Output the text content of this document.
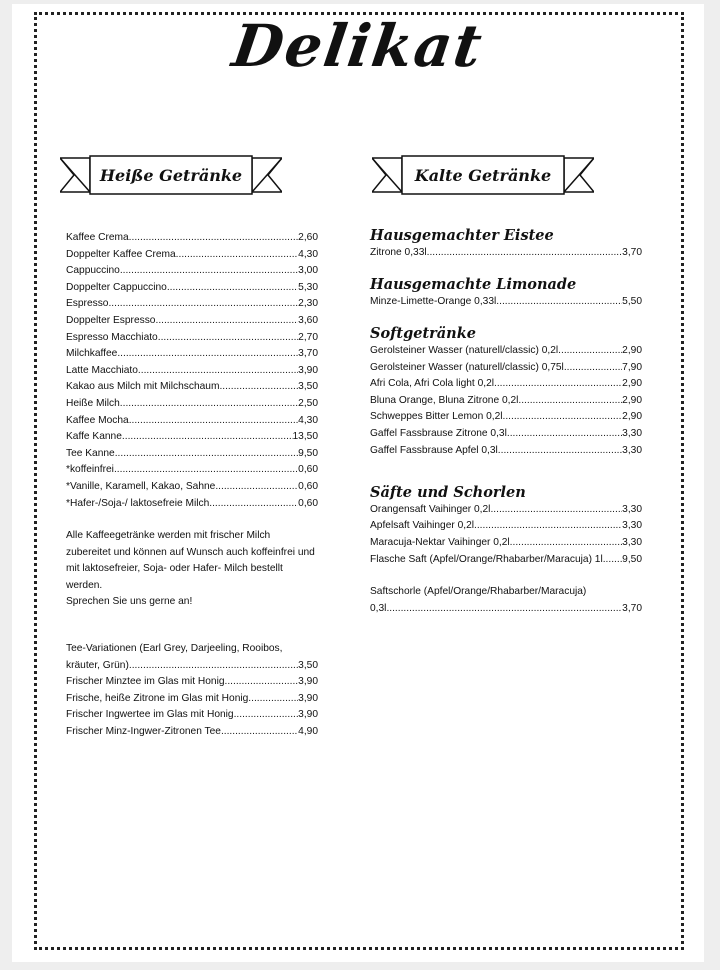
Delikat
Heiße Getränke	Kalte Getränke
Kaffee Crema .....	2,60
Doppelter Kaffee Crema .....	4,30
Cappuccino .....	3,00
Doppelter Cappuccino .....	5,30
Espresso .....	2,30
Doppelter Espresso .....	3,60
Espresso Macchiato .....	2,70
Milchkaffee .....	3,70
Latte Macchiato .....	3,90
Kakao aus Milch mit Milchschaum .....	3,50
Heiße Milch .....	2,50
Kaffee Mocha .....	4,30
Kaffe Kanne .....	13,50
Tee Kanne .....	9,50
*koffeinfrei .....	0,60
*Vanille, Karamell, Kakao, Sahne .....	0,60
*Hafer-/Soja-/ laktosefreie Milch .....	0,60
Alle Kaffeegetränke werden mit frischer Milch
zubereitet und können auf Wunsch auch koffeinfrei und
mit laktosefreier, Soja- oder Hafer- Milch bestellt
werden.
Sprechen Sie uns gerne an!
Tee-Variationen (Earl Grey, Darjeeling, Rooibos,
kräuter, Grün) .....	3,50
Frischer Minztee im Glas mit Honig. .....	3,90
Frische, heiße Zitrone im Glas mit Honig .....	3,90
Frischer Ingwertee im Glas mit Honig. .....	3,90
Frischer Minz-Ingwer-Zitronen Tee .....	4,90
Hausgemachter Eistee
Zitrone 0,33l .....	3,70
Hausgemachte Limonade
Minze-Limette-Orange 0,33l .....	5,50
Softgetränke
Gerolsteiner Wasser (naturell/classic) 0,2l .....	2,90
Gerolsteiner Wasser (naturell/classic) 0,75l .....	7,90
Afri Cola, Afri Cola light 0,2l .....	2,90
Bluna Orange, Bluna Zitrone 0,2l.. .....	2,90
Schweppes Bitter Lemon 0,2l .....	2,90
Gaffel Fassbrause Zitrone 0,3l .....	3,30
Gaffel Fassbrause Apfel 0,3l .....	3,30
Säfte und Schorlen
Orangensaft Vaihinger 0,2l .....	3,30
Apfelsaft Vaihinger 0,2l .....	3,30
Maracuja-Nektar Vaihinger 0,2l .....	3,30
Flasche Saft (Apfel/Orange/Rhabarber/Maracuja) 1l.. ..... 9,50
Saftschorle (Apfel/Orange/Rhabarber/Maracuja)
0,3l .....	3,70
